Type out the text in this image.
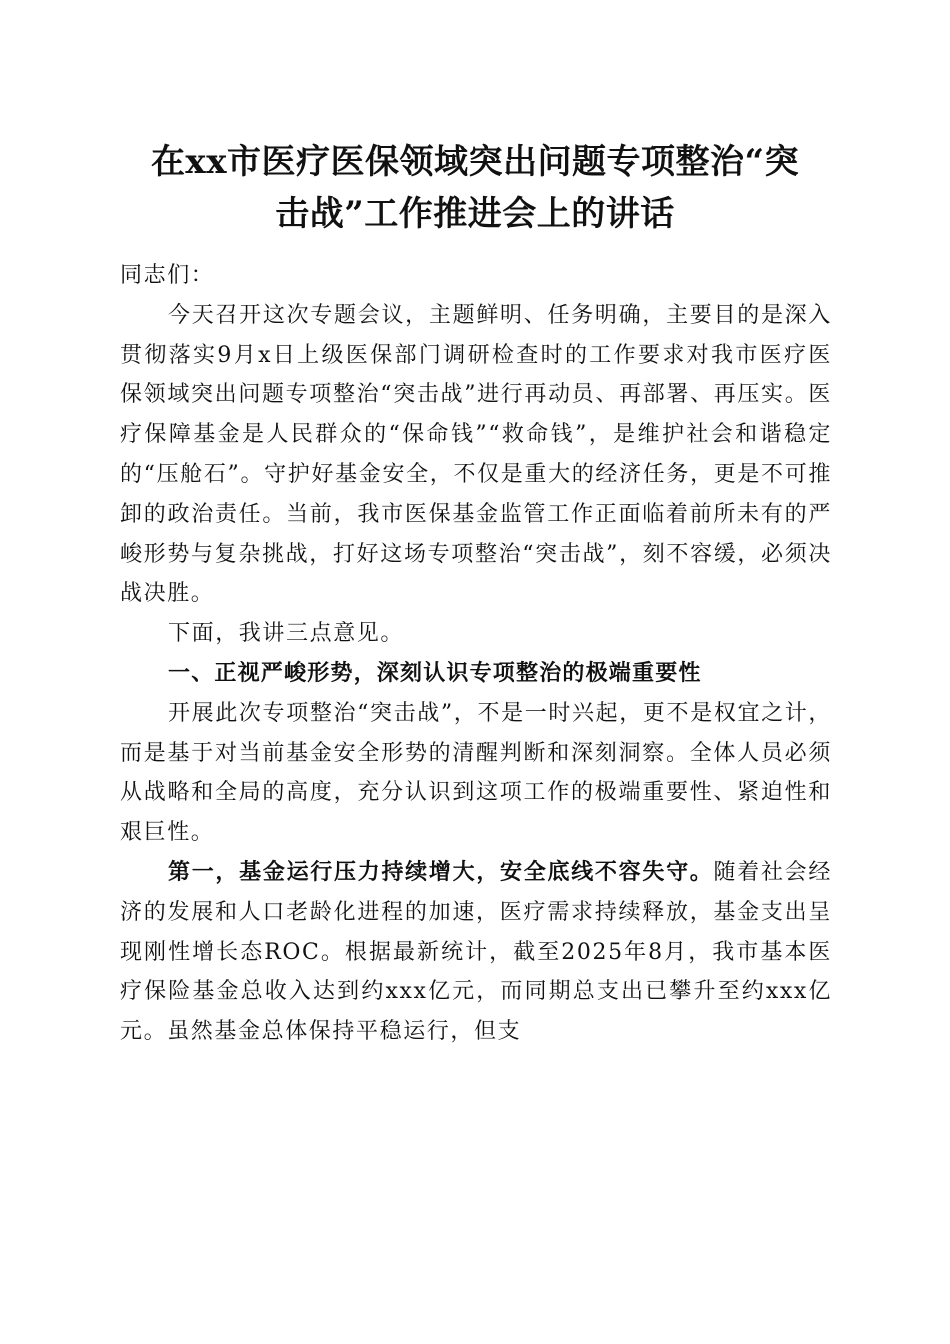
在xx市医疗医保领域突出问题专项整治“突
击战”工作推进会上的讲话

同志们：

今天召开这次专题会议，主题鲜明、任务明确，主要目的是深入贯彻落实9月x日上级医保部门调研检查时的工作要求对我市医疗医保领域突出问题专项整治“突击战”进行再动员、再部署、再压实。医疗保障基金是人民群众的“保命钱”“救命钱”，是维护社会和谐稳定的“压舱石”。守护好基金安全，不仅是重大的经济任务，更是不可推卸的政治责任。当前，我市医保基金监管工作正面临着前所未有的严峻形势与复杂挑战，打好这场专项整治“突击战”，刻不容缓，必须决战决胜。

下面，我讲三点意见。

一、正视严峻形势，深刻认识专项整治的极端重要性

开展此次专项整治“突击战”，不是一时兴起，更不是权宜之计，而是基于对当前基金安全形势的清醒判断和深刻洞察。全体人员必须从战略和全局的高度，充分认识到这项工作的极端重要性、紧迫性和艰巨性。

第一，基金运行压力持续增大，安全底线不容失守。随着社会经济的发展和人口老龄化进程的加速，医疗需求持续释放，基金支出呈现刚性增长态ROC。根据最新统计，截至2025年8月，我市基本医疗保险基金总收入达到约xxx亿元，而同期总支出已攀升至约xxx亿元。虽然基金总体保持平稳运行，但支
